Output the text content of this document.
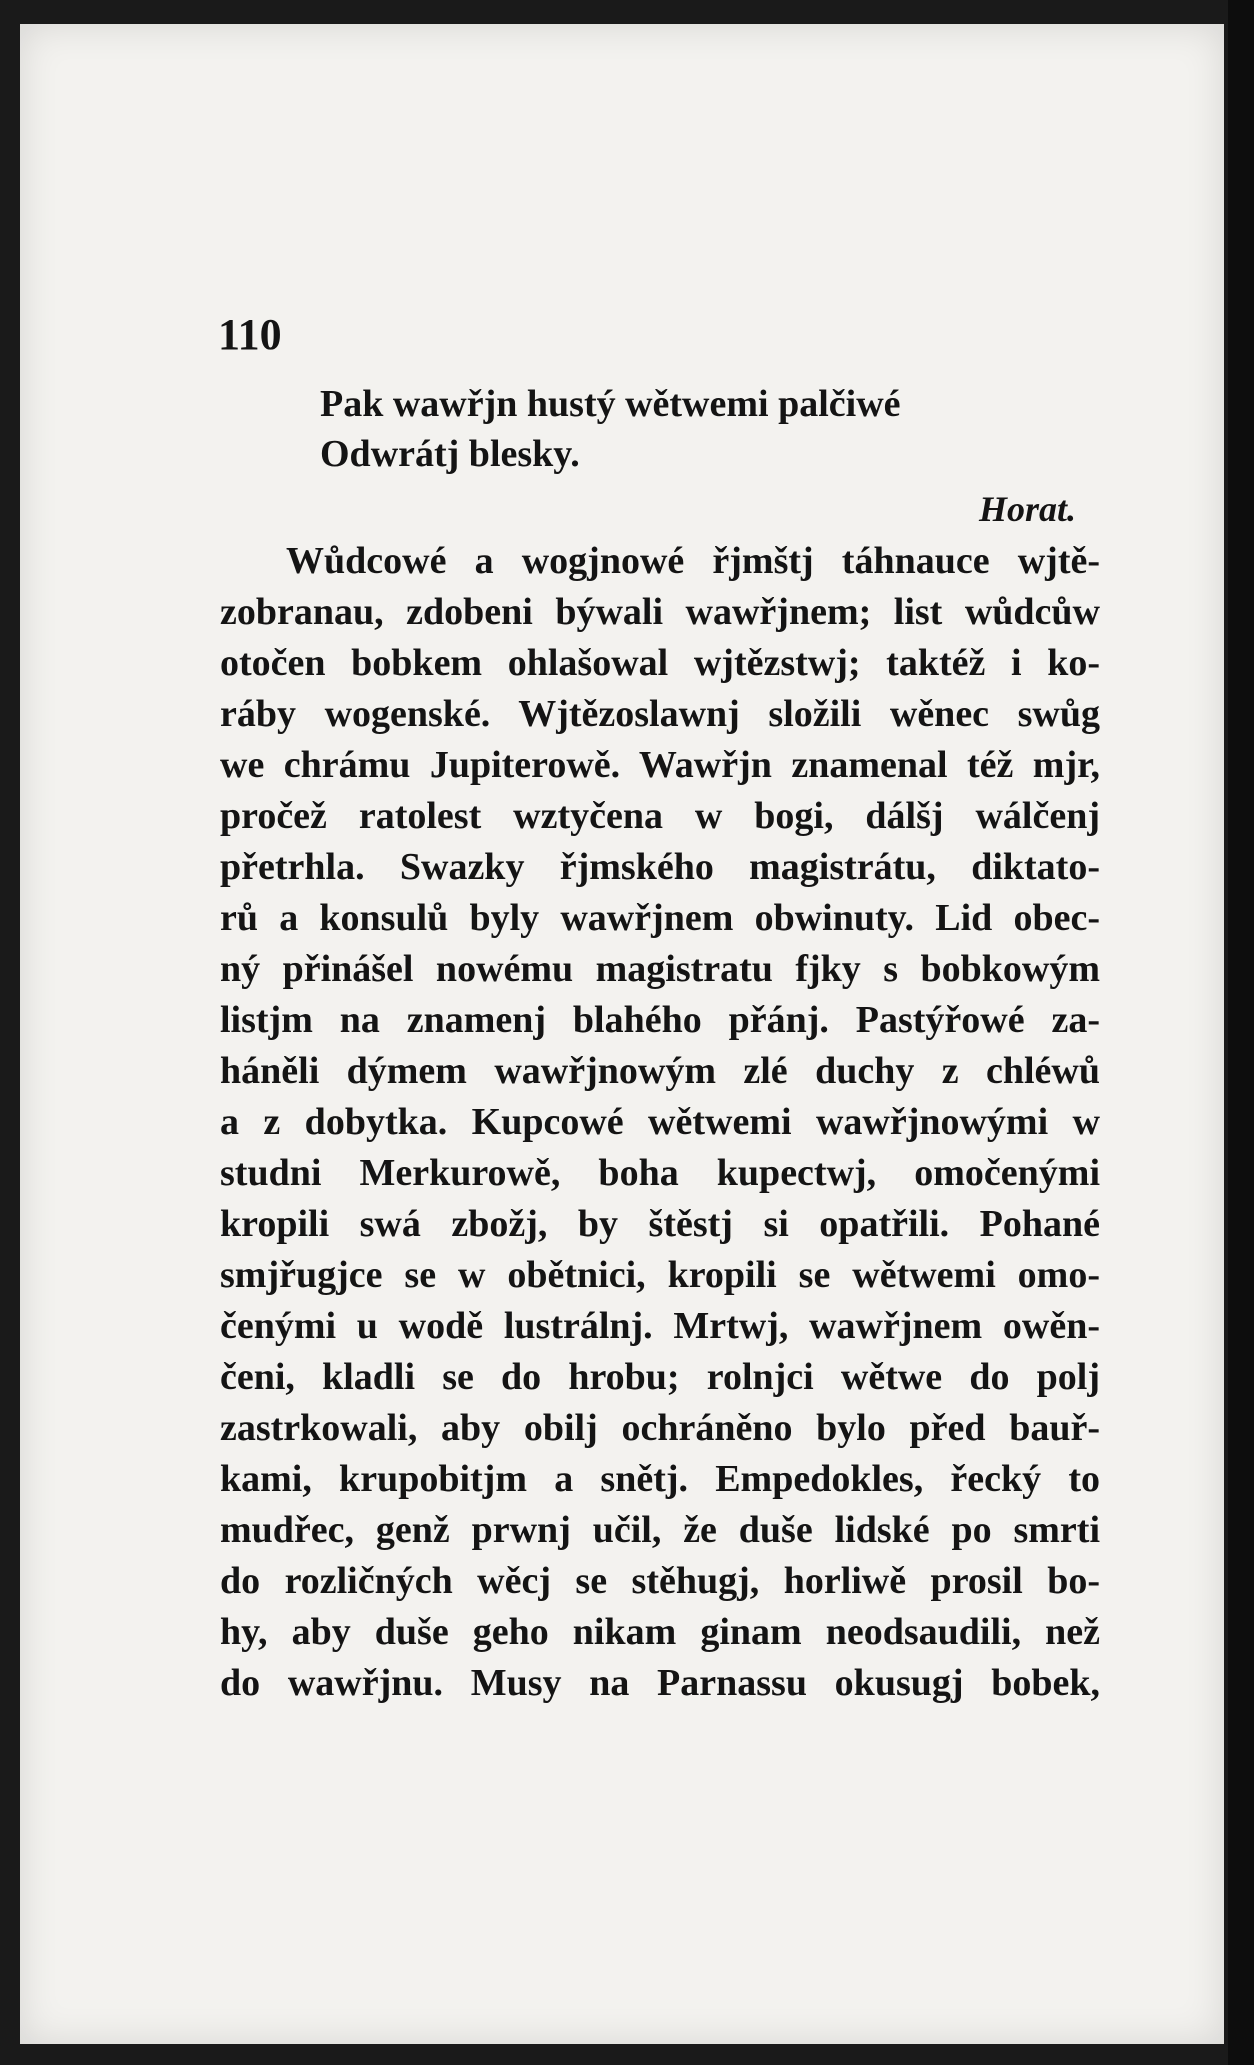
110
Pak wawřjn hustý wětwemi palčiwé
Odwrátj blesky.
Horat.
Wůdcowé a wogjnowé řjmštj táhnauce wjtě-
zobranau, zdobeni býwali wawřjnem; list wůdcůw
otočen bobkem ohlašowal wjtězstwj; taktéž i ko-
ráby wogenské. Wjtězoslawnj složili wěnec swůg
we chrámu Jupiterowě. Wawřjn znamenal též mjr,
pročež ratolest wztyčena w bogi, dálšj wálčenj
přetrhla. Swazky řjmského magistrátu, diktato-
rů a konsulů byly wawřjnem obwinuty. Lid obec-
ný přinášel nowému magistratu fjky s bobkowým
listjm na znamenj blahého přánj. Pastýřowé za-
háněli dýmem wawřjnowým zlé duchy z chléwů
a z dobytka. Kupcowé wětwemi wawřjnowými w
studni Merkurowě, boha kupectwj, omočenými
kropili swá zbožj, by štěstj si opatřili. Pohané
smjřugjce se w obětnici, kropili se wětwemi omo-
čenými u wodě lustrálnj. Mrtwj, wawřjnem owěn-
čeni, kladli se do hrobu; rolnjci wětwe do polj
zastrkowali, aby obilj ochráněno bylo před bauř-
kami, krupobitjm a snětj. Empedokles, řecký to
mudřec, genž prwnj učil, že duše lidské po smrti
do rozličných wěcj se stěhugj, horliwě prosil bo-
hy, aby duše geho nikam ginam neodsaudili, než
do wawřjnu. Musy na Parnassu okusugj bobek,
